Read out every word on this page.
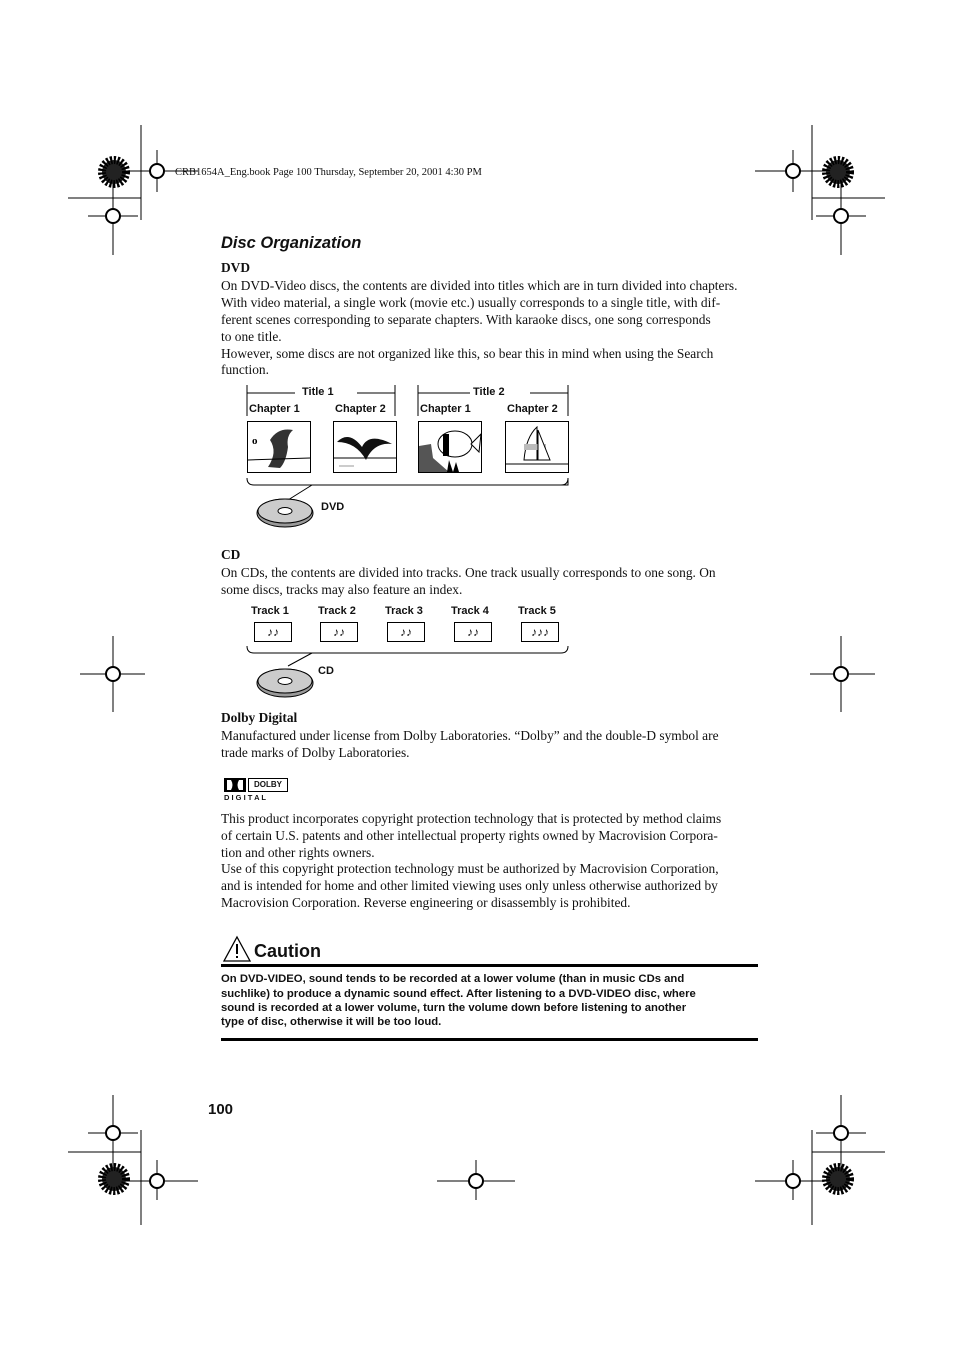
CRB1654A_Eng.book Page 100 Thursday, September 20, 2001 4:30 PM
Disc Organization
DVD
On DVD-Video discs, the contents are divided into titles which are in turn divided into chapters.
With video material, a single work (movie etc.) usually corresponds to a single title, with dif-
ferent scenes corresponding to separate chapters. With karaoke discs, one song corresponds
to one title.
However, some discs are not organized like this, so bear this in mind when using the Search
function.
Title 1	Title 2
Chapter 1	Chapter 2	Chapter 1	Chapter 2
o
DVD
CD
On CDs, the contents are divided into tracks. One track usually corresponds to one song. On
some discs, tracks may also feature an index.
Track 1	Track 2	Track 3	Track 4	Track 5
♪♪	♪♪	♪♪	♪♪	♪♪♪
CD
Dolby Digital
Manufactured under license from Dolby Laboratories. “Dolby” and the double-D symbol are
trade marks of Dolby Laboratories.
DOLBY
D I G I T A L
This product incorporates copyright protection technology that is protected by method claims
of certain U.S. patents and other intellectual property rights owned by Macrovision Corpora-
tion and other rights owners.
Use of this copyright protection technology must be authorized by Macrovision Corporation,
and is intended for home and other limited viewing uses only unless otherwise authorized by
Macrovision Corporation. Reverse engineering or disassembly is prohibited.
Caution
On DVD-VIDEO, sound tends to be recorded at a lower volume (than in music CDs and
suchlike) to produce a dynamic sound effect. After listening to a DVD-VIDEO disc, where
sound is recorded at a lower volume, turn the volume down before listening to another
type of disc, otherwise it will be too loud.
100
